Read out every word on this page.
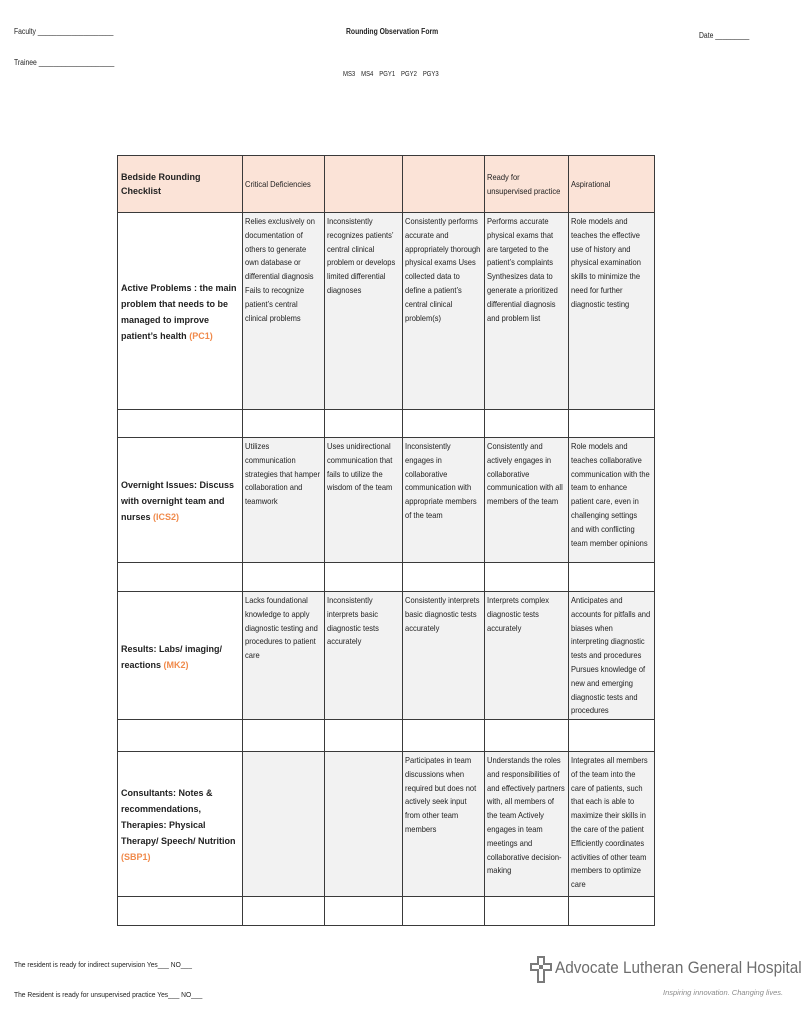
Faculty ____________________
Trainee ____________________
Rounding Observation Form
MS3 MS4 PGY1 PGY2 PGY3
Date _________
Bedside Rounding Checklist	Critical Deficiencies			Ready for unsupervised practice	Aspirational

Active Problems : the main problem that needs to be managed to improve patient’s health (PC1)	Relies exclusively on documentation of others to generate own database or differential diagnosis Fails to recognize patient’s central clinical problems	Inconsistently recognizes patients’ central clinical problem or develops limited differential diagnoses	Consistently performs accurate and appropriately thorough physical exams Uses collected data to define a patient’s central clinical problem(s)	Performs accurate physical exams that are targeted to the patient’s complaints Synthesizes data to generate a prioritized differential diagnosis and problem list	Role models and teaches the effective use of history and physical examination skills to minimize the need for further diagnostic testing

Overnight Issues: Discuss with overnight team and nurses (ICS2)	Utilizes communication strategies that hamper collaboration and teamwork	Uses unidirectional communication that fails to utilize the wisdom of the team	Inconsistently engages in collaborative communication with appropriate members of the team	Consistently and actively engages in collaborative communication with all members of the team	Role models and teaches collaborative communication with the team to enhance patient care, even in challenging settings and with conflicting team member opinions

Results: Labs/ imaging/ reactions (MK2)	Lacks foundational knowledge to apply diagnostic testing and procedures to patient care	Inconsistently interprets basic diagnostic tests accurately	Consistently interprets basic diagnostic tests accurately	Interprets complex diagnostic tests accurately	Anticipates and accounts for pitfalls and biases when interpreting diagnostic tests and procedures Pursues knowledge of new and emerging diagnostic tests and procedures

Consultants: Notes & recommendations, Therapies: Physical Therapy/ Speech/ Nutrition (SBP1)			Participates in team discussions when required but does not actively seek input from other team members	Understands the roles and responsibilities of and effectively partners with, all members of the team Actively engages in team meetings and collaborative decision-making	Integrates all members of the team into the care of patients, such that each is able to maximize their skills in the care of the patient Efficiently coordinates activities of other team members to optimize care

The resident is ready for indirect supervision Yes___ NO___
The Resident is ready for unsupervised practice Yes___ NO___
Advocate Lutheran General Hospital
Inspiring innovation. Changing lives.
